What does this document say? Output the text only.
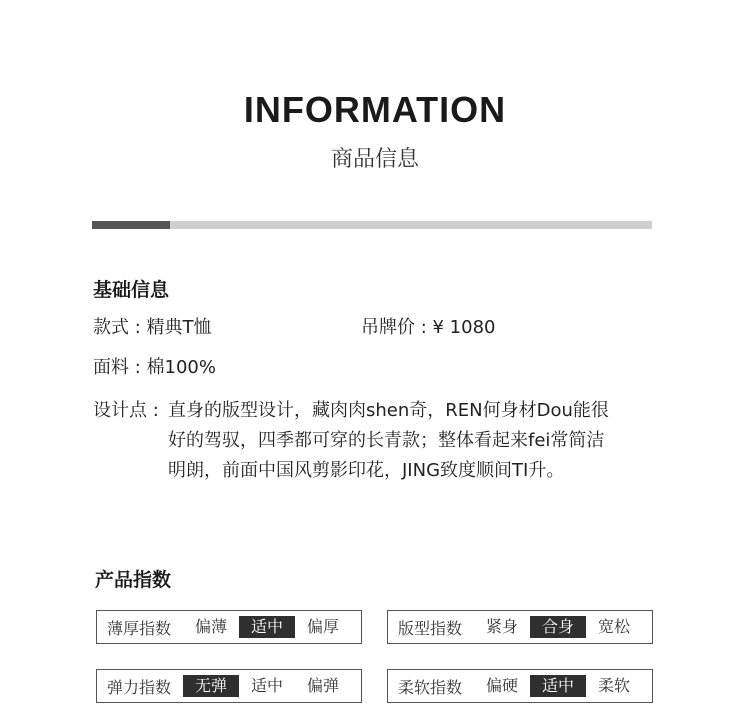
INFORMATION
商品信息
基础信息
款式 : 精典T恤	吊牌价 : ¥ 1080
面料 : 棉100%
设计点 : 直身的版型设计，藏肉肉shen奇，REN何身材Dou能很好的驾驭，四季都可穿的长青款；整体看起来fei常简洁明朗，前面中国风剪影印花，JING致度顺间TI升。
产品指数
薄厚指数	偏薄	适中	偏厚	版型指数	紧身	合身	宽松
弹力指数	无弹	适中	偏弹	柔软指数	偏硬	适中	柔软
